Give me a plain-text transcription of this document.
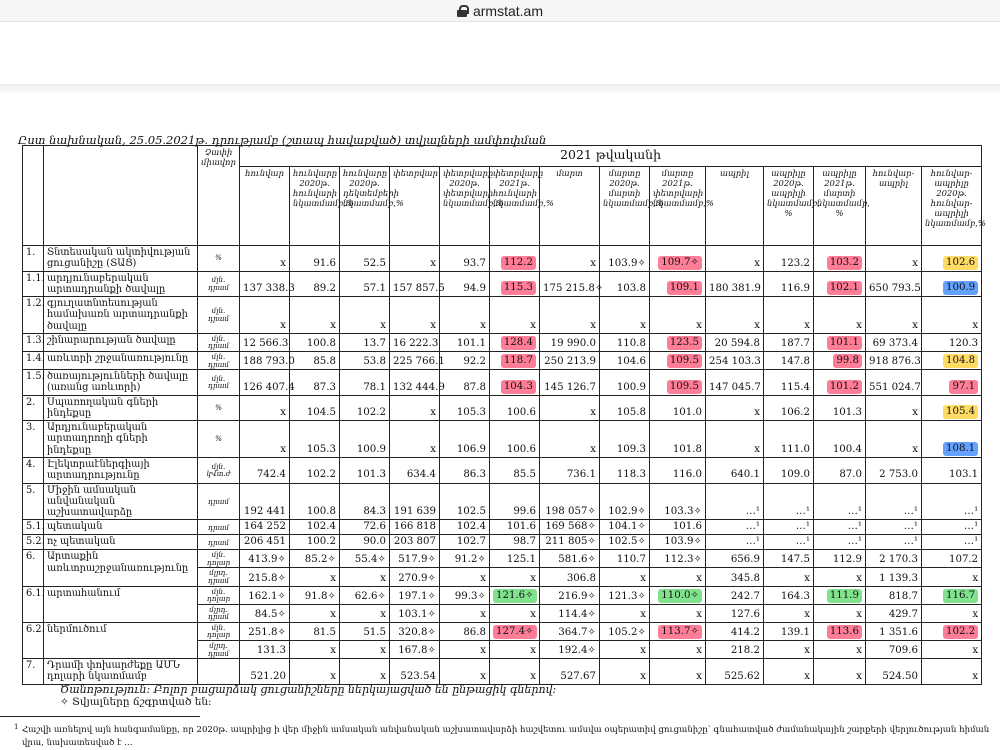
armstat.am
Ըստ նախնական, 25.05.2021թ. դրությամբ (շտապ հավաքված) տվյալների ամփոփման
		Չափի միավոր	2021 թվականի													
			հունվար	հունվարը 2020թ. հունվարի նկատմամբ,%	հունվարը 2020թ. դեկտեմբերի նկատմամբ,%	փետրվար	փետրվարը 2020թ. փետրվարի նկատմամբ,%	փետրվարը 2021թ. հունվարի նկատմամբ,%	մարտ	մարտը 2020թ. մարտի նկատմամբ,%	մարտը 2021թ. փետրվարի նկատմամբ,%	ապրիլ	ապրիլը 2020թ. ապրիլի նկատմամբ, %	ապրիլը 2021թ. մարտի նկատմամբ, %	հունվար-ապրիլ	հունվար-ապրիլը 2020թ. հունվար-ապրիլի նկատմամբ,%
1.	Տնտեսական ակտիվության ցուցանիշը (ՏԱՑ)	%	x	91.6	52.5	x	93.7	112.2	x	103.9✧	109.7✧	x	123.2	103.2	x	102.6
1.1.	արդյունաբերական արտադրանքի ծավալը	մլն. դրամ	137 338.3	89.2	57.1	157 857.5	94.9	115.3	175 215.8✧	103.8	109.1	180 381.9	116.9	102.1	650 793.5	100.9
1.2.	գյուղատնտեսության համախառն արտադրանքի ծավալը	մլն. դրամ	x	x	x	x	x	x	x	x	x	x	x	x	x	x
1.3.	շինարարության ծավալը	մլն. դրամ	12 566.3	100.8	13.7	16 222.3	101.1	128.4	19 990.0	110.8	123.5	20 594.8	187.7	101.1	69 373.4	120.3
1.4.	առևտրի շրջանառությունը	մլն. դրամ	188 793.0	85.8	53.8	225 766.1	92.2	118.7	250 213.9	104.6	109.5	254 103.3	147.8	99.8	918 876.3	104.8
1.5.	ծառայությունների ծավալը (առանց առևտրի)	մլն. դրամ	126 407.4	87.3	78.1	132 444.9	87.8	104.3	145 126.7	100.9	109.5	147 045.7	115.4	101.2	551 024.7	97.1
2.	Սպառողական գների ինդեքսը	%	x	104.5	102.2	x	105.3	100.6	x	105.8	101.0	x	106.2	101.3	x	105.4
3.	Արդյունաբերական արտադրողի գների ինդեքսը	%	x	105.3	100.9	x	106.9	100.6	x	109.3	101.8	x	111.0	100.4	x	108.1
4.	Էլեկտրաէներգիայի արտադրությունը	մլն. կՎտ.ժ	742.4	102.2	101.3	634.4	86.3	85.5	736.1	118.3	116.0	640.1	109.0	87.0	2 753.0	103.1
5.	Միջին ամսական անվանական աշխատավարձը	դրամ	192 441	100.8	84.3	191 639	102.5	99.6	198 057✧	102.9✧	103.3✧	…¹	…¹	…¹	…¹	…¹
5.1.	պետական	դրամ	164 252	102.4	72.6	166 818	102.4	101.6	169 568✧	104.1✧	101.6	…¹	…¹	…¹	…¹	…¹
5.2.	ոչ պետական	դրամ	206 451	100.2	90.0	203 807	102.7	98.7	211 805✧	102.5✧	103.9✧	…¹	…¹	…¹	…¹	…¹
6.	Արտաքին առևտրաշրջանառությունը	մլն. դոլար	413.9✧	85.2✧	55.4✧	517.9✧	91.2✧	125.1	581.6✧	110.7	112.3✧	656.9	147.5	112.9	2 170.3	107.2
		մլրդ. դրամ	215.8✧	x	x	270.9✧	x	x	306.8	x	x	345.8	x	x	1 139.3	x
6.1.	արտահանում	մլն. դոլար	162.1✧	91.8✧	62.6✧	197.1✧	99.3✧	121.6✧	216.9✧	121.3✧	110.0✧	242.7	164.3	111.9	818.7	116.7
		մլրդ. դրամ	84.5✧	x	x	103.1✧	x	x	114.4✧	x	x	127.6	x	x	429.7	x
6.2.	ներմուծում	մլն. դոլար	251.8✧	81.5	51.5	320.8✧	86.8	127.4✧	364.7✧	105.2✧	113.7✧	414.2	139.1	113.6	1 351.6	102.2
		մլրդ. դրամ	131.3	x	x	167.8✧	x	x	192.4✧	x	x	218.2	x	x	709.6	x
7.	Դրամի փոխարժեքը ԱՄՆ դոլարի նկատմամբ		521.20	x	x	523.54	x	x	527.67	x	x	525.62	x	x	524.50	x
Ծանոթություն: Բոլոր բացարձակ ցուցանիշները ներկայացված են ընթացիկ գներով:
✧ Տվյալները ճշգրտված են:
1 Հաշվի առնելով այն հանգամանքը, որ 2020թ. ապրիլից ի վեր միջին ամսական անվանական աշխատավարձի հաշվետու ամսվա օպերատիվ ցուցանիշը՝ գնահատված ժամանակային շարքերի վերլուծության հիման վրա, նախատեսված է ...
